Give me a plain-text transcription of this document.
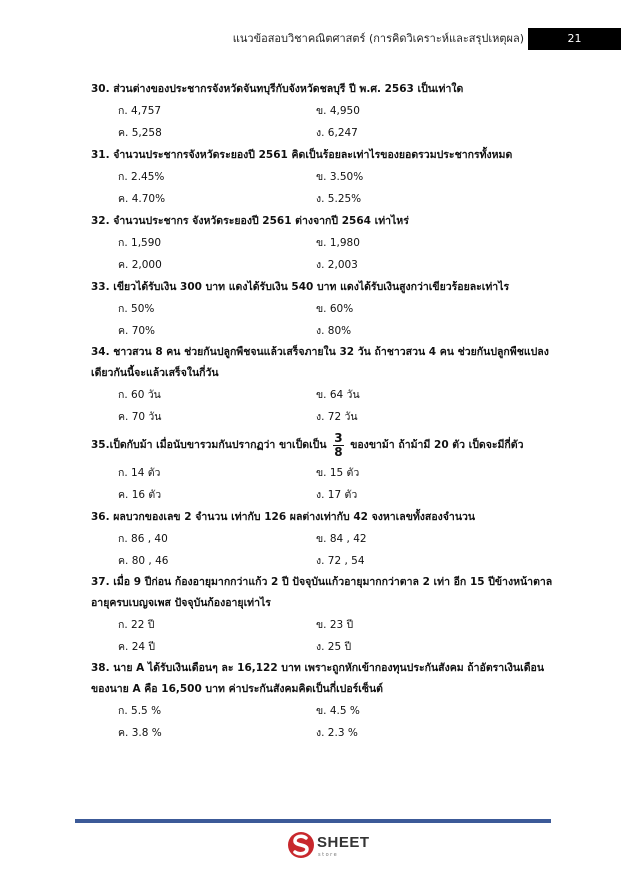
แนวข้อสอบวิชาคณิตศาสตร์ (การคิดวิเคราะห์และสรุปเหตุผล)	21
30. ส่วนต่างของประชากรจังหวัดจันทบุรีกับจังหวัดชลบุรี ปี พ.ศ. 2563 เป็นเท่าใด
ก. 4,757	ข. 4,950
ค. 5,258	ง. 6,247
31. จำนวนประชากรจังหวัดระยองปี 2561 คิดเป็นร้อยละเท่าไรของยอดรวมประชากรทั้งหมด
ก. 2.45%	ข. 3.50%
ค. 4.70%	ง. 5.25%
32. จำนวนประชากร จังหวัดระยองปี 2561 ต่างจากปี 2564 เท่าไหร่
ก. 1,590	ข. 1,980
ค. 2,000	ง. 2,003
33. เขียวได้รับเงิน 300 บาท แดงได้รับเงิน 540 บาท แดงได้รับเงินสูงกว่าเขียวร้อยละเท่าไร
ก. 50%	ข. 60%
ค. 70%	ง. 80%
34. ชาวสวน 8 คน ช่วยกันปลูกพืชจนแล้วเสร็จภายใน 32 วัน ถ้าชาวสวน 4 คน ช่วยกันปลูกพืชแปลงเดียวกันนี้จะแล้วเสร็จในกี่วัน
ก. 60 วัน	ข. 64 วัน
ค. 70 วัน	ง. 72 วัน
35.เป็ดกับม้า เมื่อนับขารวมกันปรากฏว่า ขาเป็ดเป็น $\frac{3}{8}$ ของขาม้า ถ้าม้ามี 20 ตัว เป็ดจะมีกี่ตัว
ก. 14 ตัว	ข. 15 ตัว
ค. 16 ตัว	ง. 17 ตัว
36. ผลบวกของเลข 2 จำนวน เท่ากับ 126 ผลต่างเท่ากับ 42 จงหาเลขทั้งสองจำนวน
ก. 86 , 40	ข. 84 , 42
ค. 80 , 46	ง. 72 , 54
37. เมื่อ 9 ปีก่อน ก้องอายุมากกว่าแก้ว 2 ปี ปัจจุบันแก้วอายุมากกว่าตาล 2 เท่า อีก 15 ปีข้างหน้าตาลอายุครบเบญจเพส ปัจจุบันก้องอายุเท่าไร
ก. 22 ปี	ข. 23 ปี
ค. 24 ปี	ง. 25 ปี
38. นาย A ได้รับเงินเดือนๆ ละ 16,122 บาท เพราะถูกหักเข้ากองทุนประกันสังคม ถ้าอัตราเงินเดือนของนาย A คือ 16,500 บาท ค่าประกันสังคมคิดเป็นกี่เปอร์เซ็นต์
ก. 5.5 %	ข. 4.5 %
ค. 3.8 %	ง. 2.3 %
SHEET
store
